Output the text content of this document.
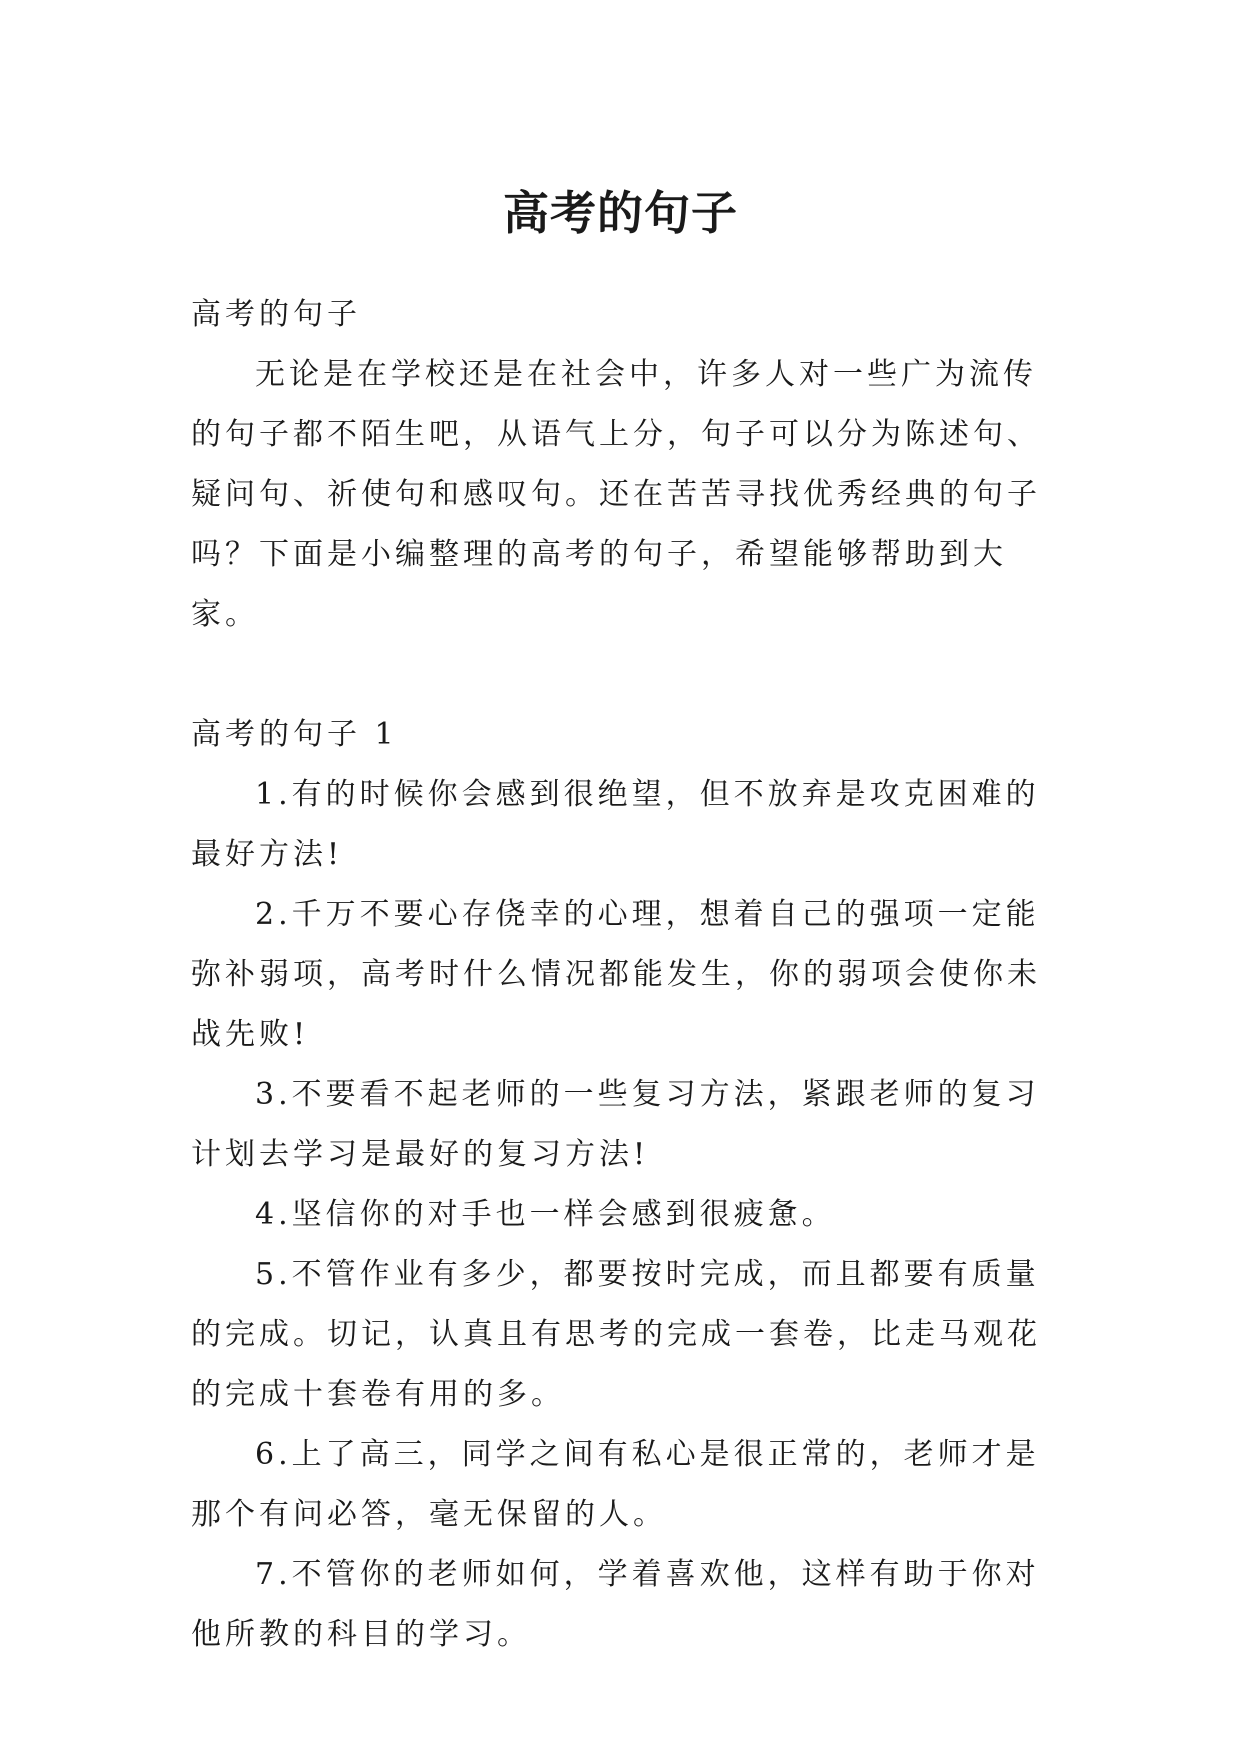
高考的句子

高考的句子

无论是在学校还是在社会中，许多人对一些广为流传的句子都不陌生吧，从语气上分，句子可以分为陈述句、疑问句、祈使句和感叹句。还在苦苦寻找优秀经典的句子吗？下面是小编整理的高考的句子，希望能够帮助到大家。

高考的句子 1

1.有的时候你会感到很绝望，但不放弃是攻克困难的最好方法!

2.千万不要心存侥幸的心理，想着自己的强项一定能弥补弱项，高考时什么情况都能发生，你的弱项会使你未战先败!

3.不要看不起老师的一些复习方法，紧跟老师的复习计划去学习是最好的复习方法!

4.坚信你的对手也一样会感到很疲惫。

5.不管作业有多少，都要按时完成，而且都要有质量的完成。切记，认真且有思考的完成一套卷，比走马观花的完成十套卷有用的多。

6.上了高三，同学之间有私心是很正常的，老师才是那个有问必答，毫无保留的人。

7.不管你的老师如何，学着喜欢他，这样有助于你对他所教的科目的学习。
